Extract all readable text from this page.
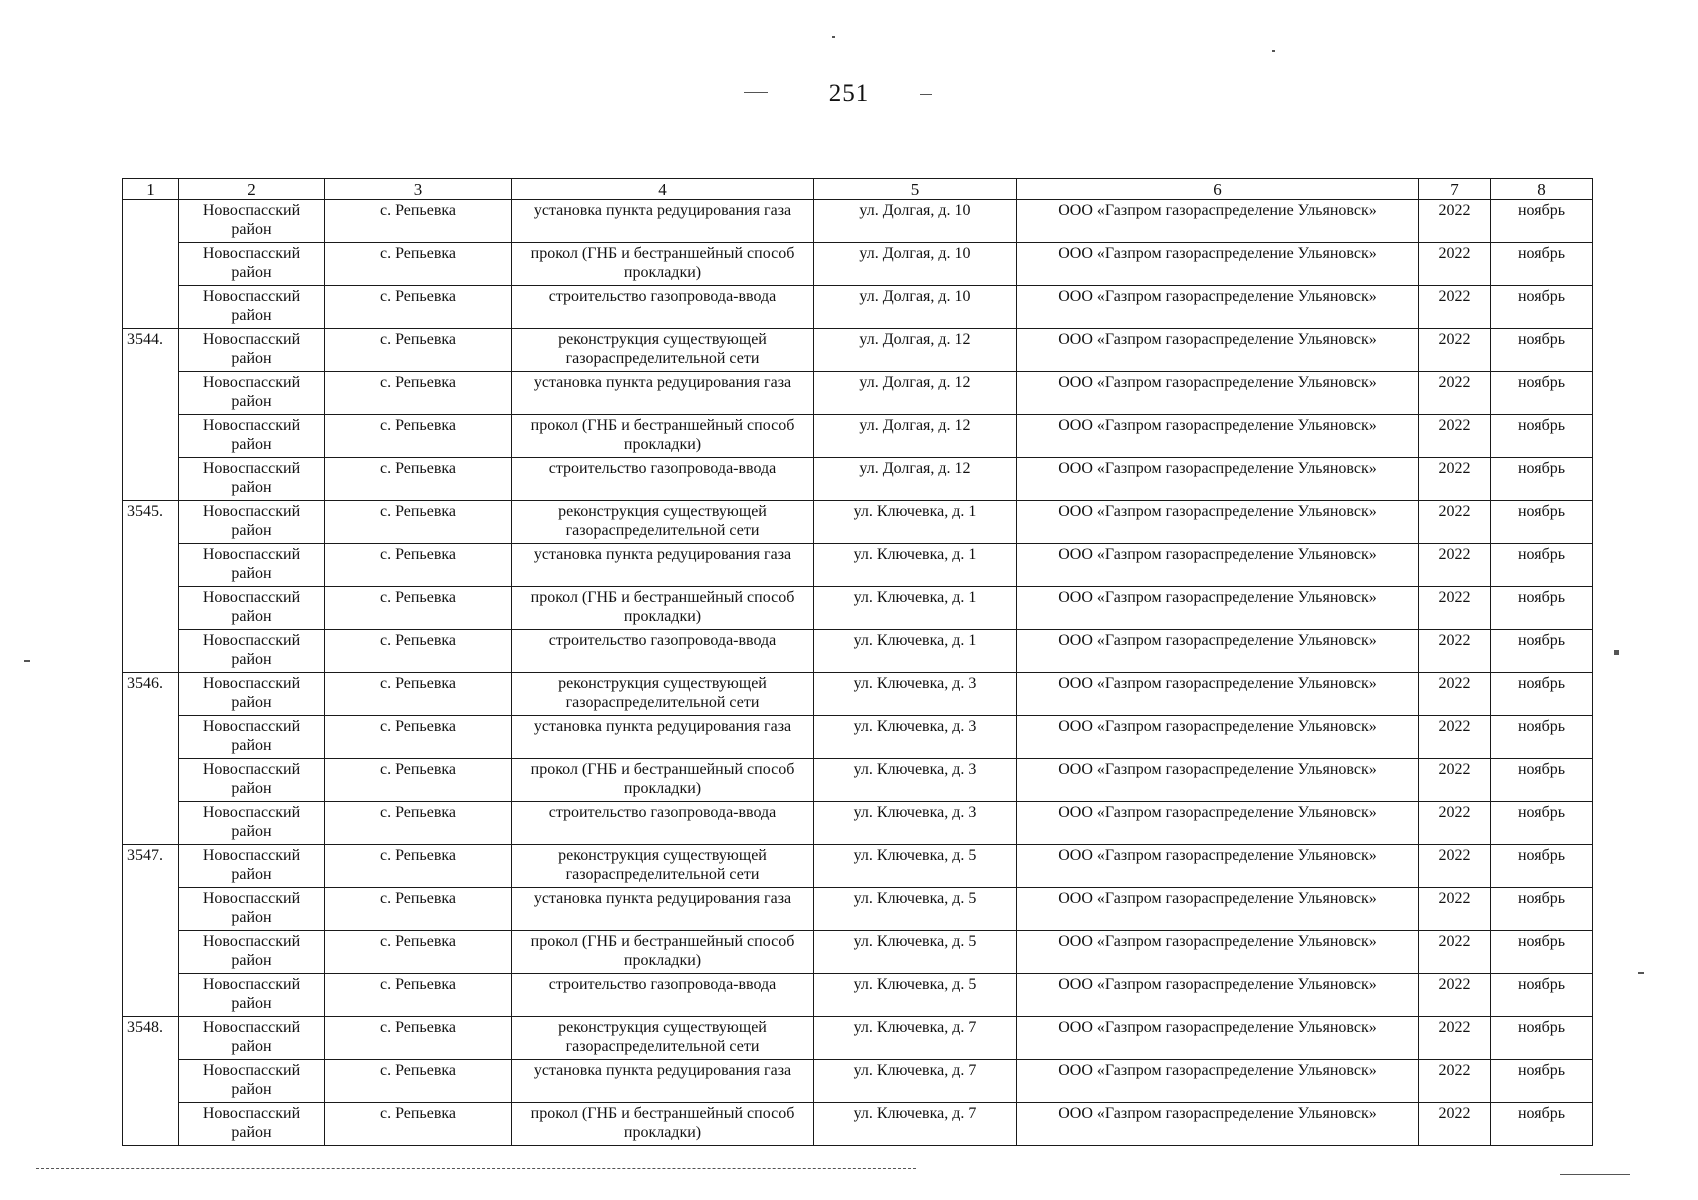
251
1	2	3	4	5	6	7	8
	Новоспасский район	с. Репьевка	установка пункта редуцирования газа	ул. Долгая, д. 10	ООО «Газпром газораспределение Ульяновск»	2022	ноябрь
	Новоспасский район	с. Репьевка	прокол (ГНБ и бестраншейный способ прокладки)	ул. Долгая, д. 10	ООО «Газпром газораспределение Ульяновск»	2022	ноябрь
	Новоспасский район	с. Репьевка	строительство газопровода-ввода	ул. Долгая, д. 10	ООО «Газпром газораспределение Ульяновск»	2022	ноябрь
3544.	Новоспасский район	с. Репьевка	реконструкция существующей газораспределительной сети	ул. Долгая, д. 12	ООО «Газпром газораспределение Ульяновск»	2022	ноябрь
	Новоспасский район	с. Репьевка	установка пункта редуцирования газа	ул. Долгая, д. 12	ООО «Газпром газораспределение Ульяновск»	2022	ноябрь
	Новоспасский район	с. Репьевка	прокол (ГНБ и бестраншейный способ прокладки)	ул. Долгая, д. 12	ООО «Газпром газораспределение Ульяновск»	2022	ноябрь
	Новоспасский район	с. Репьевка	строительство газопровода-ввода	ул. Долгая, д. 12	ООО «Газпром газораспределение Ульяновск»	2022	ноябрь
3545.	Новоспасский район	с. Репьевка	реконструкция существующей газораспределительной сети	ул. Ключевка, д. 1	ООО «Газпром газораспределение Ульяновск»	2022	ноябрь
	Новоспасский район	с. Репьевка	установка пункта редуцирования газа	ул. Ключевка, д. 1	ООО «Газпром газораспределение Ульяновск»	2022	ноябрь
	Новоспасский район	с. Репьевка	прокол (ГНБ и бестраншейный способ прокладки)	ул. Ключевка, д. 1	ООО «Газпром газораспределение Ульяновск»	2022	ноябрь
	Новоспасский район	с. Репьевка	строительство газопровода-ввода	ул. Ключевка, д. 1	ООО «Газпром газораспределение Ульяновск»	2022	ноябрь
3546.	Новоспасский район	с. Репьевка	реконструкция существующей газораспределительной сети	ул. Ключевка, д. 3	ООО «Газпром газораспределение Ульяновск»	2022	ноябрь
	Новоспасский район	с. Репьевка	установка пункта редуцирования газа	ул. Ключевка, д. 3	ООО «Газпром газораспределение Ульяновск»	2022	ноябрь
	Новоспасский район	с. Репьевка	прокол (ГНБ и бестраншейный способ прокладки)	ул. Ключевка, д. 3	ООО «Газпром газораспределение Ульяновск»	2022	ноябрь
	Новоспасский район	с. Репьевка	строительство газопровода-ввода	ул. Ключевка, д. 3	ООО «Газпром газораспределение Ульяновск»	2022	ноябрь
3547.	Новоспасский район	с. Репьевка	реконструкция существующей газораспределительной сети	ул. Ключевка, д. 5	ООО «Газпром газораспределение Ульяновск»	2022	ноябрь
	Новоспасский район	с. Репьевка	установка пункта редуцирования газа	ул. Ключевка, д. 5	ООО «Газпром газораспределение Ульяновск»	2022	ноябрь
	Новоспасский район	с. Репьевка	прокол (ГНБ и бестраншейный способ прокладки)	ул. Ключевка, д. 5	ООО «Газпром газораспределение Ульяновск»	2022	ноябрь
	Новоспасский район	с. Репьевка	строительство газопровода-ввода	ул. Ключевка, д. 5	ООО «Газпром газораспределение Ульяновск»	2022	ноябрь
3548.	Новоспасский район	с. Репьевка	реконструкция существующей газораспределительной сети	ул. Ключевка, д. 7	ООО «Газпром газораспределение Ульяновск»	2022	ноябрь
	Новоспасский район	с. Репьевка	установка пункта редуцирования газа	ул. Ключевка, д. 7	ООО «Газпром газораспределение Ульяновск»	2022	ноябрь
	Новоспасский район	с. Репьевка	прокол (ГНБ и бестраншейный способ прокладки)	ул. Ключевка, д. 7	ООО «Газпром газораспределение Ульяновск»	2022	ноябрь
